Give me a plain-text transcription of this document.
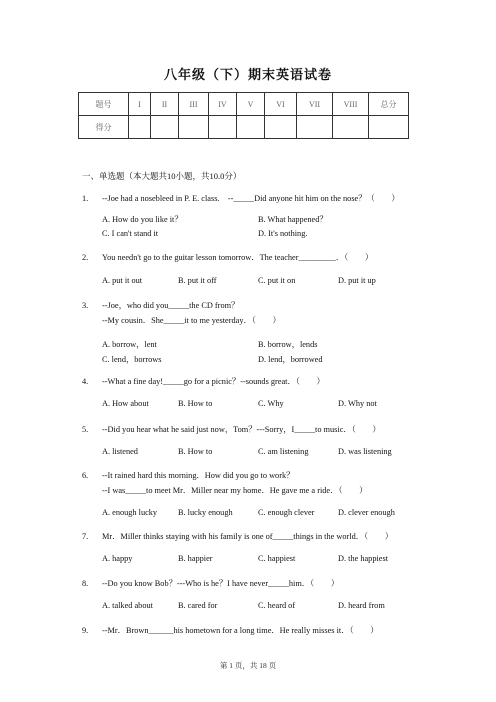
八年级（下）期末英语试卷
题号	I	II	III	IV	V	VI	VII	VIII	总分
得分									
一、单选题（本大题共10小题，共10.0分）
1. --Joe had a nosebleed in P. E. class.　--_____Did anyone hit him on the nose？（　　）
A. How do you like it？	B. What happened？
C. I can't stand it	D. It's nothing.
2. You needn't go to the guitar lesson tomorrow．The teacher_________．（　　）
A. put it out	B. put it off	C. put it on	D. put it up
3. --Joe，who did you_____the CD from？
--My cousin．She_____it to me yesterday．（　　）
A. borrow，lent	B. borrow，lends
C. lend，borrows	D. lend，borrowed
4. --What a fine day!_____go for a picnic？--sounds great．（　　）
A. How about	B. How to	C. Why	D. Why not
5. --Did you hear what he said just now，Tom？---Sorry，I_____to music．（　　）
A. listened	B. How to	C. am listening	D. was listening
6. --It rained hard this morning．How did you go to work？
--I was_____to meet Mr．Miller near my home．He gave me a ride．（　　）
A. enough lucky	B. lucky enough	C. enough clever	D. clever enough
7. Mr．Miller thinks staying with his family is one of_____things in the world．（　　）
A. happy	B. happier	C. happiest	D. the happiest
8. --Do you know Bob？---Who is he？I have never_____him．（　　）
A. talked about	B. cared for	C. heard of	D. heard from
9. --Mr．Brown______his hometown for a long time．He really misses it．（　　）
第 1 页，共 18 页
